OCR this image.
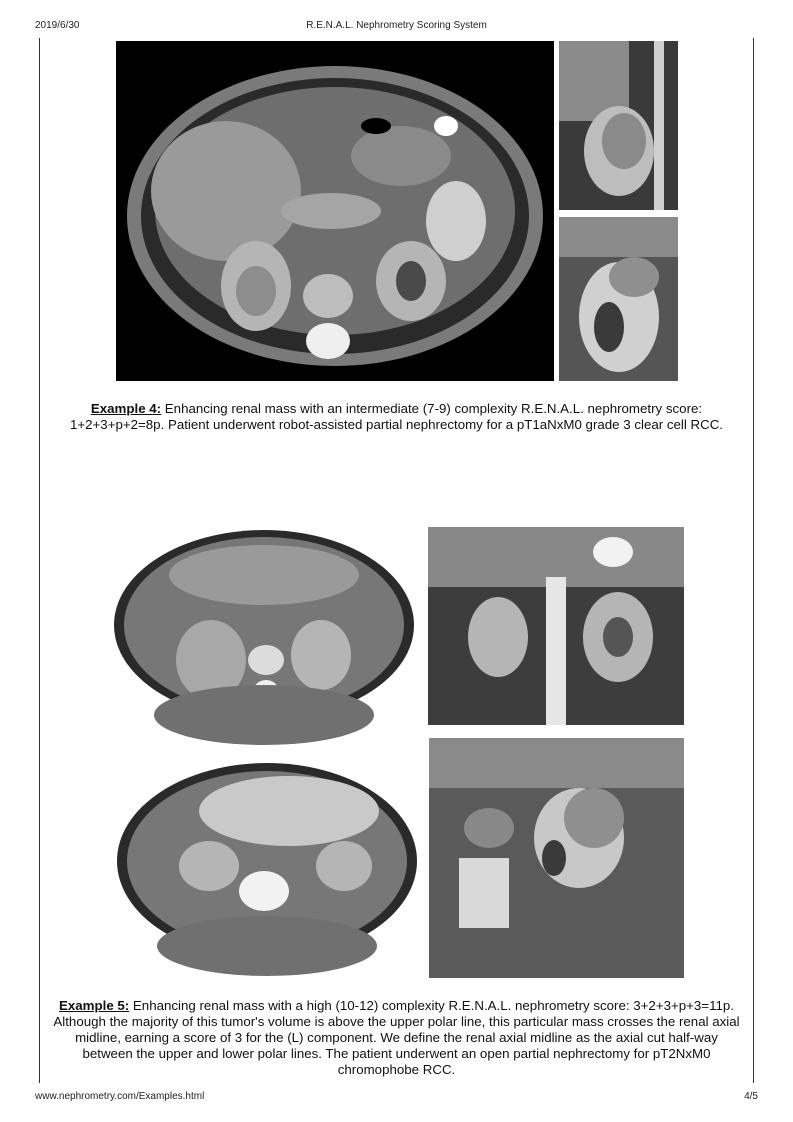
2019/6/30	R.E.N.A.L. Nephrometry Scoring System
Example 4: Enhancing renal mass with an intermediate (7-9) complexity R.E.N.A.L. nephrometry score: 1+2+3+p+2=8p. Patient underwent robot-assisted partial nephrectomy for a pT1aNxM0 grade 3 clear cell RCC.
Example 5: Enhancing renal mass with a high (10-12) complexity R.E.N.A.L. nephrometry score: 3+2+3+p+3=11p. Although the majority of this tumor's volume is above the upper polar line, this particular mass crosses the renal axial midline, earning a score of 3 for the (L) component. We define the renal axial midline as the axial cut half-way between the upper and lower polar lines. The patient underwent an open partial nephrectomy for pT2NxM0 chromophobe RCC.
www.nephrometry.com/Examples.html	4/5
